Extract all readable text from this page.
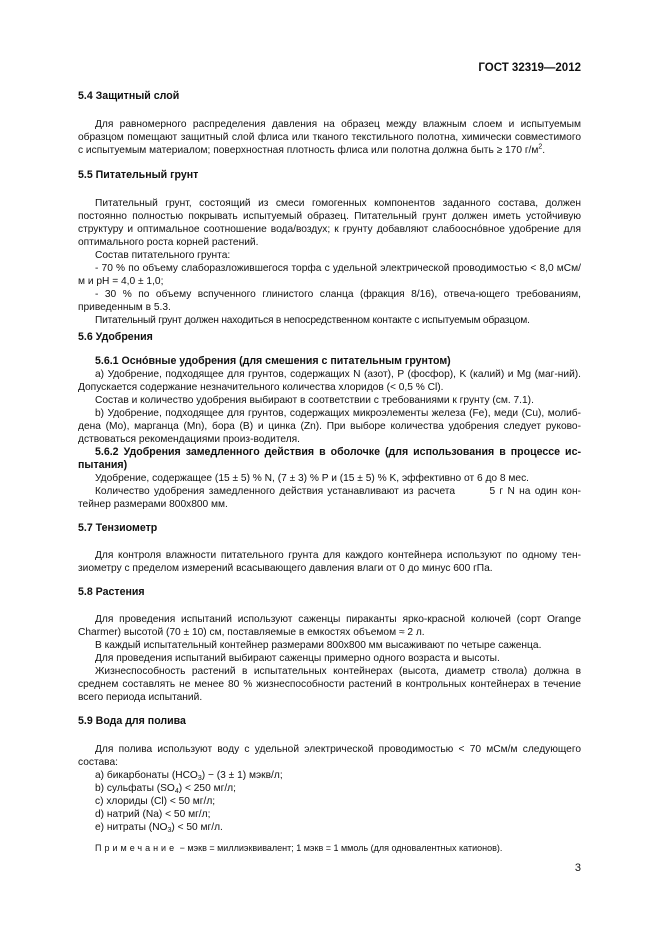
ГОСТ 32319—2012
5.4 Защитный слой

Для равномерного распределения давления на образец между влажным слоем и испытуемым образцом помещают защитный слой флиса или тканого текстильного полотна, химически совместимого с испытуемым материалом; поверхностная плотность флиса или полотна должна быть ≥ 170 $г/м^2$.

5.5 Питательный грунт

Питательный грунт, состоящий из смеси гомогенных компонентов заданного состава, должен постоянно полностью покрывать испытуемый образец. Питательный грунт должен иметь устойчивую структуру и оптимальное соотношение вода/воздух; к грунту добавляют слабооснóвное удобрение для оптимального роста корней растений.

Состав питательного грунта:

- 70 % по объему слаборазложившегося торфа с удельной электрической проводимостью < 8,0 мСм/м и pH = 4,0 ± 1,0;

- 30 % по объему вспученного глинистого сланца (фракция 8/16), отвеча-ющего требованиям, приведенным в 5.3.

Питательный грунт должен находиться в непосредственном контакте с испытуемым образцом.

5.6 Удобрения

5.6.1 Оснóвные удобрения (для смешения с питательным грунтом)

a) Удобрение, подходящее для грунтов, содержащих N (азот), P (фосфор), K (калий) и Mg (маг-ний). Допускается содержание незначительного количества хлоридов (< 0,5 % Cl).

Состав и количество удобрения выбирают в соответствии с требованиями к грунту (см. 7.1).

b) Удобрение, подходящее для грунтов, содержащих микроэлементы железа (Fe), меди (Cu), молиб-дена (Mo), марганца (Mn), бора (B) и цинка (Zn). При выборе количества удобрения следует руково-дствоваться рекомендациями произ-водителя.

5.6.2 Удобрения замедленного действия в оболочке (для использования в процессе ис-пытания)

Удобрение, содержащее (15 ± 5) % N, (7 ± 3) % P и (15 ± 5) % K, эффективно от 6 до 8 мес.

Количество удобрения замедленного действия устанавливают из расчета        5 г N на один кон-тейнер размерами 800х800 мм.

5.7 Тензиометр

Для контроля влажности питательного грунта для каждого контейнера используют по одному тен-зиометру с пределом измерений всасывающего давления влаги от 0 до минус 600 гПа.

5.8 Растения

Для проведения испытаний используют саженцы пираканты ярко-красной колючей (сорт Orange Charmer) высотой (70 ± 10) см, поставляемые в емкостях объемом ≈ 2 л.

В каждый испытательный контейнер размерами 800х800 мм высаживают по четыре саженца.

Для проведения испытаний выбирают саженцы примерно одного возраста и высоты.

Жизнеспособность растений в испытательных контейнерах (высота, диаметр ствола) должна в среднем составлять не менее 80 % жизнеспособности растений в контрольных контейнерах в течение всего периода испытаний.

5.9 Вода для полива

Для полива используют воду с удельной электрической проводимостью < 70 мСм/м следующего состава:

a) бикарбонаты $(HCO_3) - (3 \pm 1)$ мэкв/л;

b) сульфаты $(SO_4) < 250$ мг/л;

c) хлориды (Cl) < 50 мг/л;

d) натрий (Na) < 50 мг/л;

e) нитраты $(NO_3) < 50$ мг/л.

Примечание − мэкв = миллиэквивалент; 1 мэкв = 1 ммоль (для одновалентных катионов).

3
